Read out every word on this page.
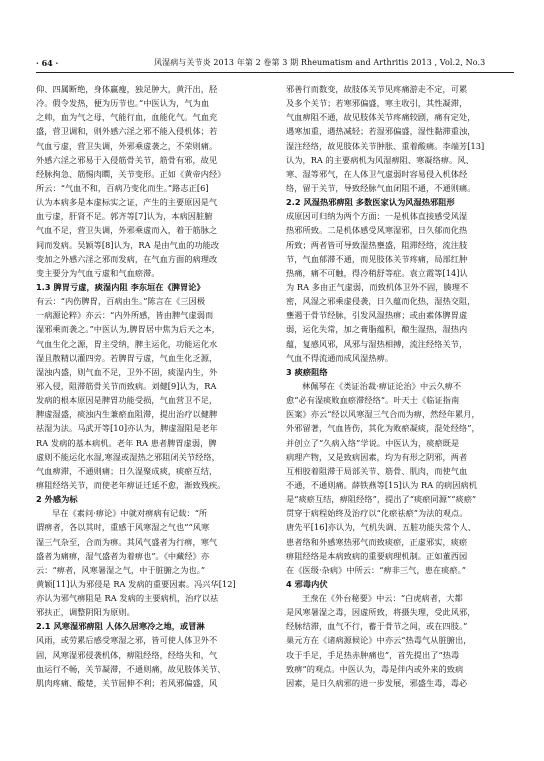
· 64 ·	风湿病与关节炎 2013 年第 2 卷第 3 期 Rheumatism and Arthritis 2013 , Vol.2, No.3
仰、四属断绝，身体羸瘦，独足肿大，黄汗出，胫
冷。假令发热，便为历节也。”中医认为，气为血
之帅，血为气之母，气能行血，血能化气。气血充
盛，营卫调和，则外感六淫之邪不能入侵机体；若
气血亏虚，营卫失调，外邪乘虚袭之，不荣则痛。
外感六淫之邪易于入侵筋骨关节，筋骨有邪，故见
经脉拘急、筋惕肉瞤，关节变形。正如《黄帝内经》
所云：“气血不和，百病乃变化而生。”路志正[6]
认为本病多是本虚标实之证，产生的主要原因是气
血亏虚，肝肾不足。郭齐等[7]认为，本病因脏腑
气血不足，营卫失调，外邪乘虚而入，着于筋脉之
间而发病。吴颖等[8]认为，RA 是由气血的功能改
变加之外感六淫之邪而发病，在气血方面的病理改
变主要分为气血亏虚和气血瘀滞。
1.3 脾胃亏虚，痰湿内阻 李东垣在《脾胃论》
有云：“内伤脾胃，百病由生。”陈言在《三因极
一病源论粹》亦云：“内外所感，皆由脾气虚弱而
湿邪乘而袭之。”中医认为,脾胃居中焦为后天之本，
气血生化之源，胃主受纳，脾主运化，功能运化水
湿且散精以灌四旁。若脾胃亏虚，气血生化乏源，
湿浊内盛，则气血不足，卫外不固，痰湿内生，外
邪入侵，阻滞筋骨关节而致病。刘健[9]认为，RA
发病的根本原因是脾胃功能受损，气血营卫不足，
脾虚湿盛，痰浊内生兼瘀血阻滞，提出治疗以健脾
祛湿为法。马武开等[10]亦认为，脾虚湿阻是老年
RA 发病的基本病机。老年 RA 患者脾胃虚弱，脾
虚则不能运化水湿,寒湿或湿热之邪阻闭关节经络，
气血痹滞，不通则痛；日久湿聚成痰，痰瘀互结，
痹阻经络关节，而使老年痹证迁延不愈，渐致残疾。
2 外感为标
早在《素问·痹论》中就对痹病有记载：“所
谓痹者，各以其时，重感于风寒湿之气也”“风寒
湿三气杂至，合而为痹。其风气盛者为行痹，寒气
盛者为痛痹，湿气盛者为着痹也”。《中藏经》亦
云：“痹者，风寒暑湿之气，中于脏腑之为也。”
黄颖[11]认为邪侵是 RA 发病的重要因素。冯兴华[12]
亦认为邪气痹阻是 RA 发病的主要病机，治疗以祛
邪扶正，调整阴阳为原则。
2.1 风寒湿邪痹阻 人体久居寒冷之地，或冒淋
风雨，或劳累后感受寒湿之邪，皆可使人体卫外不
固，风寒湿邪侵袭机体，痹阻经络，经络失和，气
血运行不畅，关节凝滞，不通则痛，故见肢体关节、
肌肉疼痛、酸楚，关节屈伸不利；若风邪偏盛，风
邪善行而数变，故肢体关节见疼痛游走不定，可累
及多个关节；若寒邪偏盛，寒主收引，其性凝滞，
气血痹阻不通，故见肢体关节疼痛较剧，痛有定处，
遇寒加重，遇热减轻；若湿邪偏盛，湿性黏滞重浊，
湿注经络，故见肢体关节肿胀、重着酸痛。李端芳[13]
认为，RA 的主要病机为风湿痹阻、寒凝络痹。风、
寒、湿等邪气，在人体卫气虚弱时容易侵入机体经
络，留于关节，导致经脉气血闭阻不通，不通则痛。
2.2 风湿热邪痹阻 多数医家认为风湿热邪阻形
成原因可归纳为两个方面：一是机体直接感受风湿
热邪所致。二是机体感受风寒湿邪，日久郁而化热
所致；两者皆可导致湿热壅盛，阻滞经络，流注肢
节，气血郁滞不通，而见肢体关节疼痛，局部红肿
热痛，痛不可触，得冷稍舒等症。袁立霞等[14]认
为 RA 多由正气虚弱，而致机体卫外不固，腠理不
密，风湿之邪乘虚侵袭，日久蕴而化热，湿热交阻，
壅遏于骨节经脉，引发风湿热痹；或由素体脾胃虚
弱，运化失常，加之膏脂蕴积，酿生湿热，湿热内
蕴，复感风邪，风邪与湿热相搏，流注经络关节，
气血不得流通而成风湿热痹。
3 痰瘀阻络
林佩琴在《类证治裁·痹证论治》中云久痹不
愈“必有湿痰败血瘀滞经络”。叶天士《临证指南
医案》亦云“经以风寒湿三气合而为痹，然经年累月，
外邪留著，气血皆伤，其化为败瘀凝痰，混处经络”，
并创立了“久病入络”学说。中医认为，痰瘀既是
病理产物，又是致病因素，均为有形之阴邪，两者
互相胶着阻滞于局部关节、筋骨、肌肉，而使气血
不通，不通则痛。薛铁燕等[15]认为 RA 的病因病机
是“痰瘀互结，痹阻经络”，提出了“痰瘀同源”“痰瘀”
贯穿于病程始终及治疗以“化瘀祛瘀”为法的观点。
唐先平[16]亦认为，气机失调、五脏功能失常个人、
患者络和外感寒热邪气而致痰瘀，正虚邪实，痰瘀
痹阻经络是本病致病的重要病理机制。正如董西园
在《医级·杂病》中所云：“痹非三气，患在痰瘀。”
4 邪毒内伏
王焘在《外台秘要》中云：“白虎病者，大都
是风寒暑湿之毒，因虚所致，将摄失理，受此风邪，
经脉结滞，血气不行，蓄于骨节之间，或在四肢。”
巢元方在《诸病源候论》中亦云“热毒气从脏腑出，
攻于手足，手足热赤肿痛也”，首先提出了“热毒
致痹”的观点。中医认为，毒是伴内或外来的致病
因素，是日久病邪的进一步发展，邪盛生毒，毒必
